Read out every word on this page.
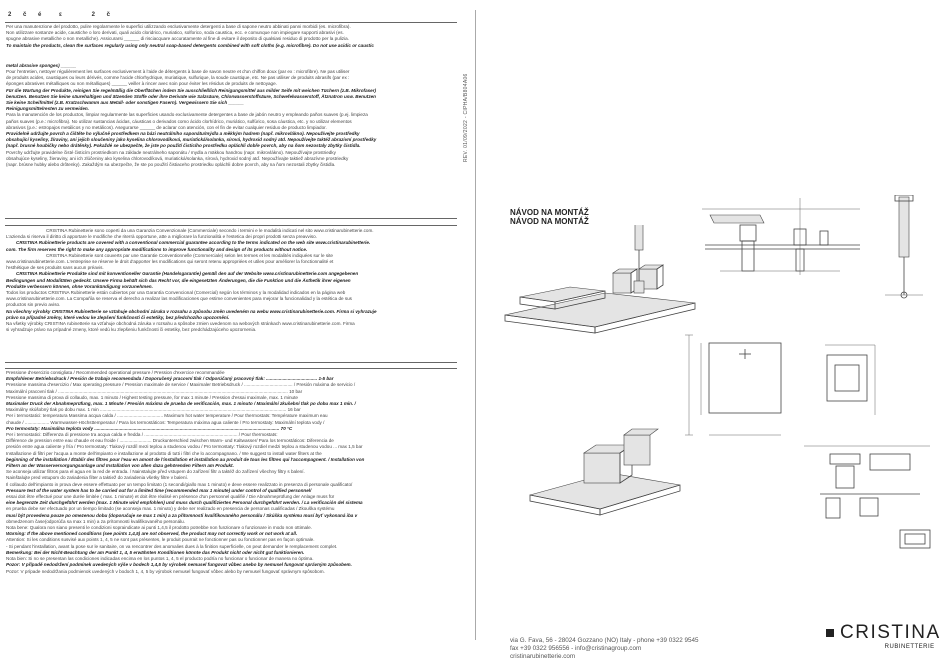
2 č é ε	2 č
Per una manutenzione del prodotto, pulire regolarmente le superfici utilizzando esclusivamente detergenti a base di sapone neutro abbinati panni morbidi (es. microfibra).
Non utilizzare sostanze acide, caustiche o loro derivati, quali acido cloridrico, muriatico, solforico, soda caustica, ecc. e comunque non impiegare supporti abrasivi (es.
spugne abrasive metalliche o non metalliche). Assicurarsi ______ di risciacquare accuratamente al fine di evitare il deposito di qualsiasi residuo di prodotto per la pulizia.
To maintain the products, clean the surfaces regularly using only neutral soap-based detergents combined with soft cloths (e.g. microfibre). Do not use acidic or caustic
metal abrasive sponges) ______
Pour l'entretien, nettoyer régulièrement les surfaces exclusivement à l'aide de détergents à base de savon neutre et d'un chiffon doux (par ex : microfibre). Ne pas utiliser
de produits acides, caustiques ou leurs dérivés, comme l'acide chlorhydrique, muriatique, sulfurique, la soude caustique, etc. Ne pas utiliser de produits abrasifs (par ex :
éponges abrasives métalliques ou non métalliques) ______ veiller à rincer avec soin pour éviter les résidus de produits de nettoyage.
Für die Wartung der Produkte, reinigen Sie regelmäßig die Oberflächen indem Sie ausschließlich Reinigungsmittel aus milder Seife mit weichen Tüchern (z.B. Mikrofaser)
benutzen. Benutzen Sie keine säurehaltigen und ätzenden Stoffe oder ihre Derivate wie Salzsäure, Chlorwasserstoffsäure, Schwefelwasserstoff, Ätznatron usw. Benutzen
Sie keine Scheifmittel (z.B. Kratzschwamm aus Metall- oder sonstigen Fasern). Vergewissern Sie sich ______
Reinigungsmittelresten zu vermeiden.
Para la manutención de los productos, limpiar regularmente las superficies usando exclusivamente detergentes a base de jabón neutro y empleando paños suaves (p.ej. limpieza
paños suaves (p.e.: microfibra). No utilizar sustancias ácidas, cáusticas o derivados como ácido clorhídrico, muriático, sulfúrico, sosa cáustica, etc. y no utilizar elementos
abrasivos (p.e.: estropajos metálicos y no metálicos). Asegurarse ______ de aclarar con atención, con el fin de evitar cualquier residuo de producto limpiador.
Pravidelně udržujte povrch a čištěte ho výlučně prostředkem na bázi neutrálního saponátu/mýdla a měkkým hadrem (např. mikrovlákno). Nepoužívejte prostředky
obsahující kyseliny, žíraviny, ani jejich sloučeniny jako kyselina chlorovodíková, muriatická/solanka, sírová, hydroxid sodný atd. Nepoužívejte taktéž abrazivní prostředky
(např. brusné houbičky nebo drátěnky). Pokaždé se ubezpečte, že jste po použití čisticího prostředku opláchli dobře povrch, aby na ňom nezostaly zbytky čistidla.
Povrchy udržujte pravidelne čisté čisticím prostriedkom na základe neutrálneho saponátu / mydla a mäkkou handrou (napr. mikrovlákno). Nepoužívajte prostriedky
obsahujúce kyseliny, žieraviny, ani ich zlúčeniny ako kyselina chlorovodíková, muriatická/solanka, sírová, hydroxid sodný atď. Nepoužívajte taktiež abrazívne prostriedky
(napr. brúsne hubky alebo drôtenky). Zakaždým sa ubezpečte, že ste po použití čistiaceho prostriedku opláchli dobre povrch, aby na ňom nezostali zbytky čistidla.
CRISTINA Rubinetterie sono coperti da una Garanzia Convenzionale (Commerciale) secondo i termini e le modalità indicati nel sito www.cristinarubinetterie.com.
L'azienda si riserva il diritto di apportare le modifiche che riterrà opportune, atte a migliorare la funzionalità e l'estetica dei propri prodotti senza preavviso.
CRISTINA Rubinetterie products are covered with a conventional commercial guarantee according to the terms indicated on the web site www.cristinarubinetterie.
com. The firm reserves the right to make any appropriate modifications to improve functionality and design of its products without notice.
CRISTINA Rubinetterie sont couverts par une Garantie Conventionnelle (Commerciale) selon les termes et les modalités indiquées sur le site
www.cristinarubinetterie.com. L'entreprise se réserve le droit d'apporter les modifications qui seront retenu appropriées et utiles pour améliorer la fonctionnalité et
l'esthétique de ses produits sans aucun préavis.
CRISTINA Rubinetterie Produkte sind mit konventioneller Garantie (Handelsgarantie) gemäß den auf der Website www.cristinarubinetterie.com angegebenen
Bedingungen und Modalitäten gedeckt. Unsere Firma behält sich das Recht vor, die eingesetzten Änderungen, die die Funktion und die Ästhetik ihrer eigenen
Produkte verbessern können, ohne Vorankündigung vorzunehmen.
Todos los productos CRISTINA Rubinetterie están cubiertos por una Garantía Convencional (Comercial) según los términos y la modalidad indicados en la página web
www.cristinarubinetterie.com. La Compañía se reserva el derecho a realizar las modificaciones que estime convenientes para mejorar la funcionalidad y la estética de sus
productos sin previo aviso.
Na všechny výrobky CRISTINA Rubinetterie se vztahuje obchodní záruka v rozsahu a způsobu změn uvedeném na webu www.cristinarubinetterie.com. Firma si vyhrazuje
právo na případné změny, které vedou ke zlepšení funkčnosti či estetiky, bez předchozího upozornění.
Na všetky výrobky CRISTINA rubinetterie sa vzťahuje obchodná záruka v rozsahu a spôsobe zmien uvedenom na webových stránkach www.cristinarubinetterie.com. Firma
si vyhradzuje právo na prípadné zmeny, ktoré vedú ku zlepšeniu funkčnosti či estetiky, bez predchádzajúceho upozornenia.
Pressione d'esercizio consigliata / Recommended operational pressure / Pression d'exercice recommandée
Empfohlener Betriebsdruck / Presión de trabajo recomendada / Doporučený pracovní tlak / Odporúčaný pracovný tlak: ........................................ 1-5 bar
Pressione massima d'esercizio / Max operating pressure / Pression maximale de service / Maximaler Betriebsdruck / ...................................... / Presión máxima de servicio /
Maximální pracovní tlak / .................................................................................................................................................................................... 10 bar
Pressione massima di prova di collaudo, max. 1 minuto / Highest testing pressure, for max 1 minute / Pression d'essai maximale, max. 1 minute
Maximaler Druck der Abnahmeprüfung, max. 1 Minute / Presión máxima de prueba de verificación, max. 1 minuto / Maximální zkušební tlak po dobu max 1 min. /
Maximálny skúšobný tlak po dobu max. 1 min .................................................................................................................................................. 16 bar
Per i termostatici: temperatura Massima acqua calda / .................................... Maximum hot water temperature / Pour thermostats: Température maximum eau
chaude / ................... Warmwasser-Höchsttemperatur / Para los termostáticos: Temperatura máxima agua caliente / Pro termostaty: Maximální teplota vody /
Pro termostaty: Maximálna teplota vody ................................................................................................................................................. 70 °C
Per i termostatici: Differenza di pressione tra acqua calda e fredda / ......................................................................... / Pour thermostats:
Différence de pression entre eau chaude et eau froide / ......................... Druckunterschied zwischen Warm- und Kaltwasser/ Para los termostáticos: Diferencia de
presión entre agua caliente y fría / Pro termostaty: Tlakový rozdíl mezi teplou a studenou vodou / Pro termostaty: Tlakový rozdiel medzi teplou a studenou vodou ... max 1,5 bar
Installazione di filtri per l'acqua a monte dell'impianto e installazione al prodotto di tutti i filtri che lo accompagnano. / We suggest to install water filters at the
beginning of the installation / Établir des filtres pour l'eau en amont de l'installation et installation au produit de tous les filtres qui l'accompagnent. / Installation von
Filtern an der Wasserversorgungsanlage und Installation von allen dazu gehörenden Filtern am Produkt.
Se aconseja utilizar filtros para el agua en la red de entrada. / Nainstalujte před vstupem do zařízení filtr a taktéž do zařízení všechny filtry s balení.
Nainštalujte pred vstupom do zariadenia filter a taktiež do zariadenia všetky filtre v balení.
Il collaudo dell'impianto in prova deve essere effettuato per un tempo limitato (1 secondi/giallo max 1 minuto) e deve essere realizzato in presenza di personale qualificato/
Pressure test of the water system has to be carried out for a limited time (recommended max 1 minute) under control of qualified personnel/
essai doit être effectué pour une durée limitée ( max. 1 minute) et doit être réalisé en présence d'un personnel qualifié / Die Abnahmeprüfung der Anlage muss für
eine begrenzte Zeit durchgeführt werden (max. 1 Minute wird empfohlen) und muss durch qualifiziertes Personal durchgeführt werden. / La verificación del sistema
en prueba debe ser efectuado por un tiempo limitado (se aconseja max. 1 minuto) y debe ser realizado en presencia de personas cualificadas / Zkouška systému
musí být provedena pouze po omezenou dobu (doporučuje se max 1 min) a za přítomnosti kvalifikovaného personálu / Skúška systému musí byť vykonaná iba v
obmedzenom čase(odporúča sa max 1 min) a za prítomnosti kvalifikovaného personálu.
Nota bene: Qualora non siano presenti le condizioni sopraindicate ai punti 1,4,5 il prodotto potrebbe non funzionare o funzionare in modo non ottimale.
Warning: If the above mentioned conditions (see points 1,4,5) are not observed, the product may not correctly work or not work at all.
Attention: Si les conditions susvisé aux points 1, 4, 5 ne sont pas présentes, le produit pourrait ne fonctionner pas ou fonctionner pas en façon optimale.
- Si pendant l'installation, avant la pose sur le sanitaire, on va rencontrer des anomalies dues à la finition superficielle, on peut demander le remplacement complet.
Bemerkung: Bei der Nicht-Beachtung der am Punkt 1, 4, 5 erwähnten Konditionen könnte das Produkt nicht oder nicht gut funktionieren.
Nota bien: Si no se presentan las condiciones indicadas encima en los puntos 1, 4, 5 el producto podría no funcionar o funcionar de manera no óptima.
Pozor: V případě nedodržení podmínek uvedených výše v bodech 1,4,5 by výrobek nemusel fungovat vůbec anebo by nemusel fungovat správným způsobem.
Pozor: V prípade nedodržania podmienok uvedených v bodoch 1, 4, 5 by výrobok nemusel fungovať vôbec alebo by nemusel fungovať správnym spôsobom.
REV. 01/09/2022 - CIPHA/B804A06
NÁVOD NA MONTÁŽ
NÁVOD NA MONTÁŽ
via G. Fava, 56 - 28024 Gozzano (NO) Italy - phone +39 0322 9545
fax +39 0322 956556 - info@cristinagroup.com
cristinarubinetterie.com
CRISTINA
RUBINETTERIE
